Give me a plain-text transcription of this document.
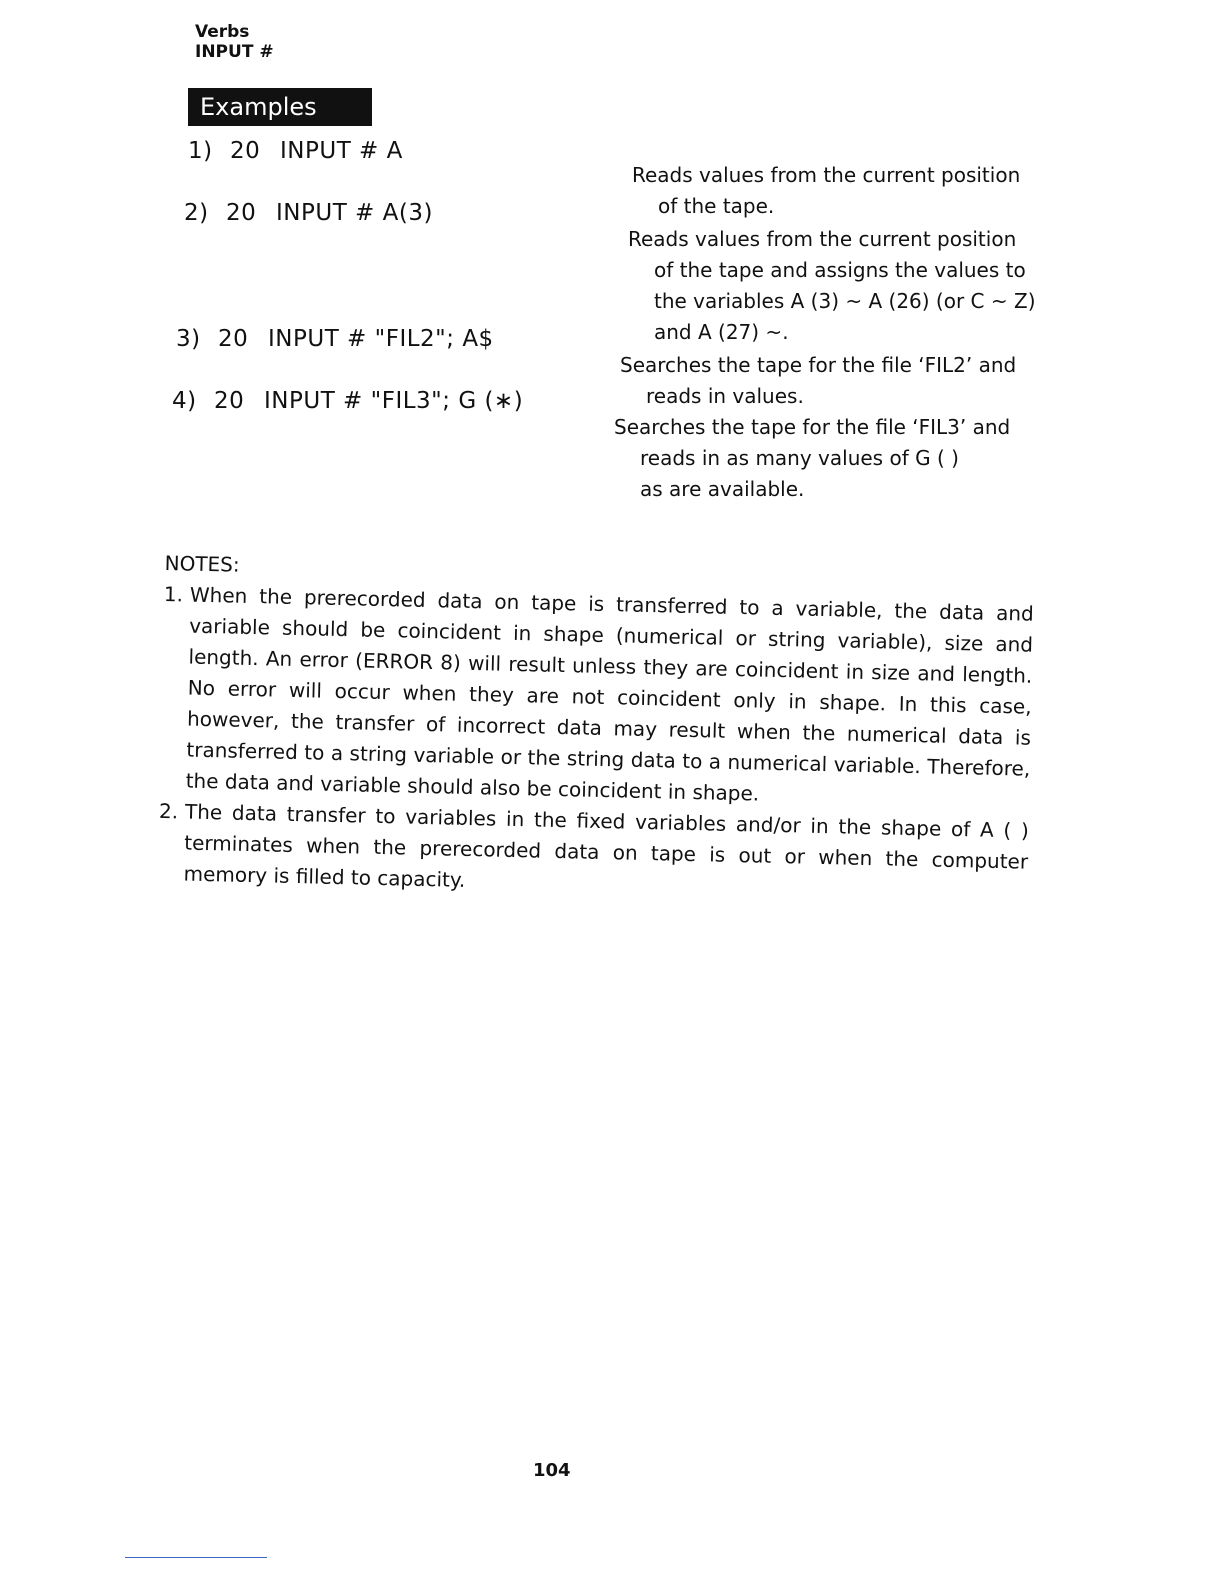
Verbs
INPUT #
Examples
1) 20 INPUT # A
2) 20 INPUT # A(3)
3) 20 INPUT # "FIL2"; A$
4) 20 INPUT # "FIL3"; G (∗)

Reads values from the current position

of the tape.

Reads values from the current position

of the tape and assigns the values to

the variables A (3) ~ A (26) (or C ~ Z)

and A (27) ~.

Searches the tape for the file ‘FIL2’ and

reads in values.

Searches the tape for the file ‘FIL3’ and

reads in as many values of G ( )

as are available.

NOTES:

1. When the prerecorded data on tape is transferred to a variable, the data and variable should be coincident in shape (numerical or string variable), size and length. An error (ERROR 8) will result unless they are coincident in size and length. No error will occur when they are not coincident only in shape. In this case, however, the transfer of incorrect data may result when the numerical data is transferred to a string variable or the string data to a numerical variable. Therefore, the data and variable should also be coincident in shape.
2. The data transfer to variables in the fixed variables and/or in the shape of A ( ) terminates when the prerecorded data on tape is out or when the computer memory is filled to capacity.
104
